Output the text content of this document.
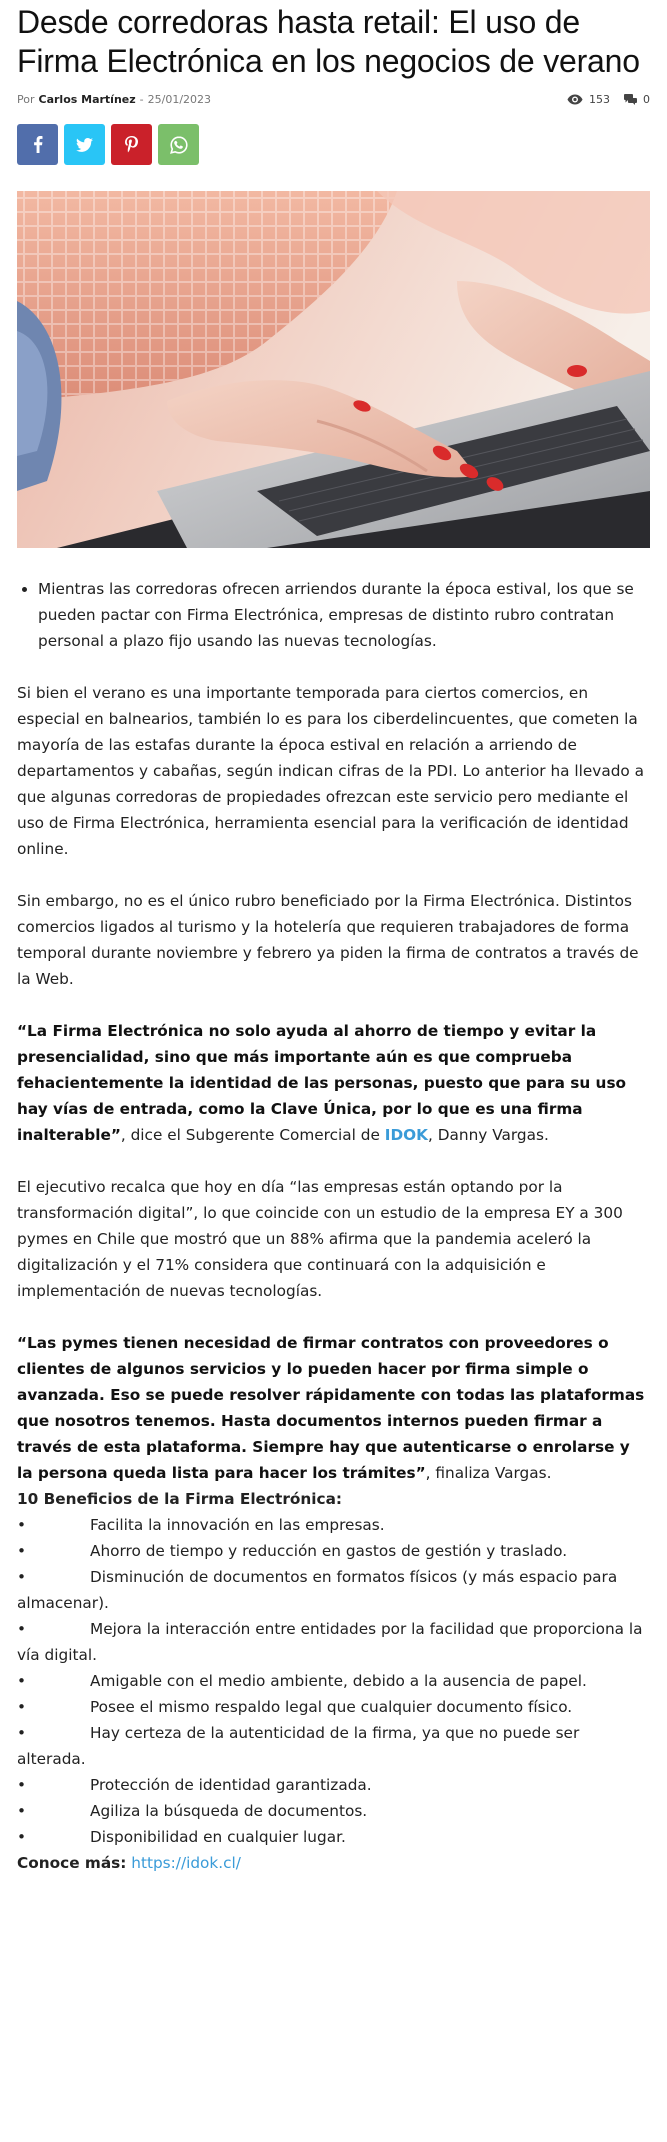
Desde corredoras hasta retail: El uso de Firma Electrónica en los negocios de verano
Por Carlos Martínez - 25/01/2023	153	0
• Mientras las corredoras ofrecen arriendos durante la época estival, los que se pueden pactar con Firma Electrónica, empresas de distinto rubro contratan personal a plazo fijo usando las nuevas tecnologías.

Si bien el verano es una importante temporada para ciertos comercios, en especial en balnearios, también lo es para los ciberdelincuentes, que cometen la mayoría de las estafas durante la época estival en relación a arriendo de departamentos y cabañas, según indican cifras de la PDI. Lo anterior ha llevado a que algunas corredoras de propiedades ofrezcan este servicio pero mediante el uso de Firma Electrónica, herramienta esencial para la verificación de identidad online.

Sin embargo, no es el único rubro beneficiado por la Firma Electrónica. Distintos comercios ligados al turismo y la hotelería que requieren trabajadores de forma temporal durante noviembre y febrero ya piden la firma de contratos a través de la Web.

“La Firma Electrónica no solo ayuda al ahorro de tiempo y evitar la presencialidad, sino que más importante aún es que comprueba fehacientemente la identidad de las personas, puesto que para su uso hay vías de entrada, como la Clave Única, por lo que es una firma inalterable”, dice el Subgerente Comercial de IDOK, Danny Vargas.

El ejecutivo recalca que hoy en día “las empresas están optando por la transformación digital”, lo que coincide con un estudio de la empresa EY a 300 pymes en Chile que mostró que un 88% afirma que la pandemia aceleró la digitalización y el 71% considera que continuará con la adquisición e implementación de nuevas tecnologías.

“Las pymes tienen necesidad de firmar contratos con proveedores o clientes de algunos servicios y lo pueden hacer por firma simple o avanzada. Eso se puede resolver rápidamente con todas las plataformas que nosotros tenemos. Hasta documentos internos pueden firmar a través de esta plataforma. Siempre hay que autenticarse o enrolarse y la persona queda lista para hacer los trámites”, finaliza Vargas.

10 Beneficios de la Firma Electrónica:

•	Facilita la innovación en las empresas.

•	Ahorro de tiempo y reducción en gastos de gestión y traslado.

•	Disminución de documentos en formatos físicos (y más espacio para almacenar).

•	Mejora la interacción entre entidades por la facilidad que proporciona la vía digital.

•	Amigable con el medio ambiente, debido a la ausencia de papel.

•	Posee el mismo respaldo legal que cualquier documento físico.

•	Hay certeza de la autenticidad de la firma, ya que no puede ser alterada.

•	Protección de identidad garantizada.

•	Agiliza la búsqueda de documentos.

•	Disponibilidad en cualquier lugar.

Conoce más: https://idok.cl/
